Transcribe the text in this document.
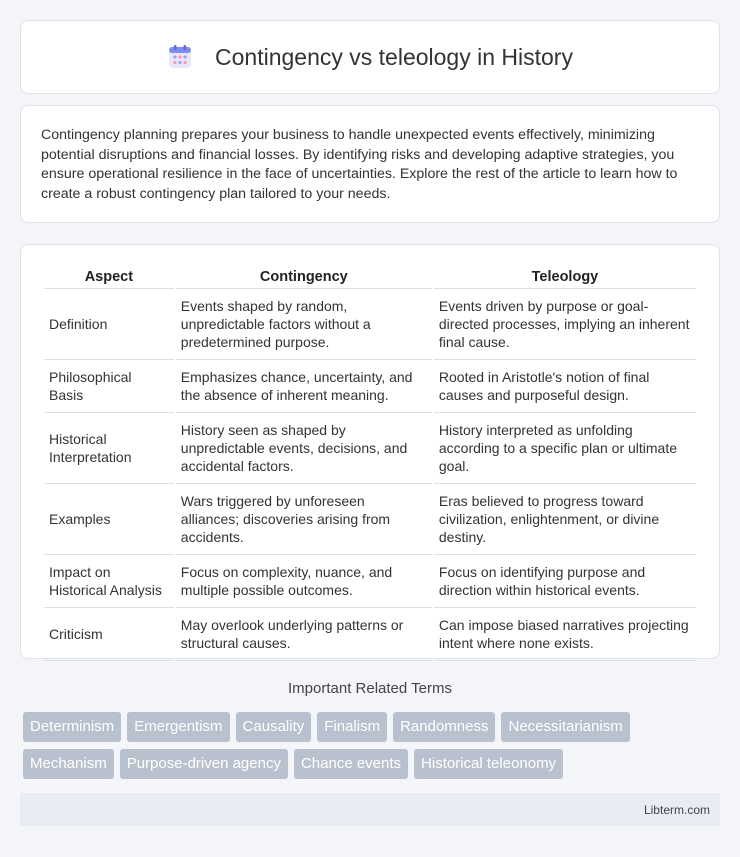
Contingency vs teleology in History

Contingency planning prepares your business to handle unexpected events effectively, minimizing potential disruptions and financial losses. By identifying risks and developing adaptive strategies, you ensure operational resilience in the face of uncertainties. Explore the rest of the article to learn how to create a robust contingency plan tailored to your needs.

Aspect	Contingency	Teleology
Definition	Events shaped by random, unpredictable factors without a predetermined purpose.	Events driven by purpose or goal-directed processes, implying an inherent final cause.
Philosophical Basis	Emphasizes chance, uncertainty, and the absence of inherent meaning.	Rooted in Aristotle's notion of final causes and purposeful design.
Historical Interpretation	History seen as shaped by unpredictable events, decisions, and accidental factors.	History interpreted as unfolding according to a specific plan or ultimate goal.
Examples	Wars triggered by unforeseen alliances; discoveries arising from accidents.	Eras believed to progress toward civilization, enlightenment, or divine destiny.
Impact on Historical Analysis	Focus on complexity, nuance, and multiple possible outcomes.	Focus on identifying purpose and direction within historical events.
Criticism	May overlook underlying patterns or structural causes.	Can impose biased narratives projecting intent where none exists.
Important Related Terms
Determinism	Emergentism	Causality	Finalism	Randomness	Necessitarianism
Mechanism	Purpose-driven agency	Chance events	Historical teleonomy
Libterm.com
